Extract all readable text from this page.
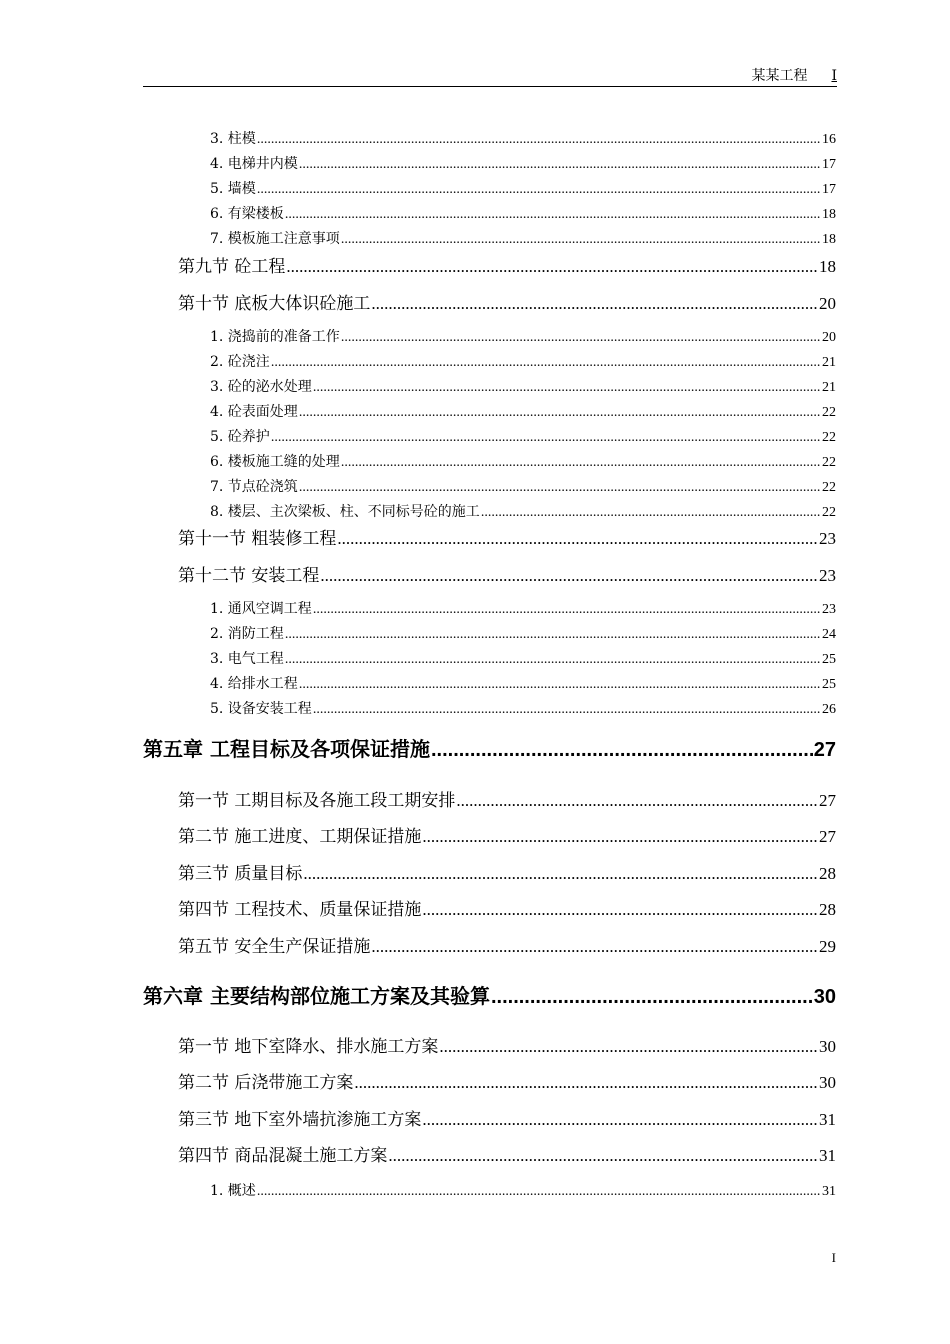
某某工程 I
3. 柱模 .....	16
4. 电梯井内模 .....	17
5. 墙模 .....	17
6. 有梁楼板 .....	18
7. 模板施工注意事项 .....	18
第九节 砼工程 .....	18
第十节 底板大体识砼施工 .....	20
1. 浇捣前的准备工作 .....	20
2. 砼浇注 .....	21
3. 砼的泌水处理 .....	21
4. 砼表面处理 .....	22
5. 砼养护 .....	22
6. 楼板施工缝的处理 .....	22
7. 节点砼浇筑 .....	22
8. 楼层、主次梁板、柱、不同标号砼的施工 .....	22
第十一节 粗装修工程 .....	23
第十二节 安装工程 .....	23
1. 通风空调工程 .....	23
2. 消防工程 .....	24
3. 电气工程 .....	25
4. 给排水工程 .....	25
5. 设备安装工程 .....	26
第五章 工程目标及各项保证措施 .....	27
第一节 工期目标及各施工段工期安排 .....	27
第二节 施工进度、工期保证措施 .....	27
第三节 质量目标 .....	28
第四节 工程技术、质量保证措施 .....	28
第五节 安全生产保证措施 .....	29
第六章 主要结构部位施工方案及其验算 .....	30
第一节 地下室降水、排水施工方案 .....	30
第二节 后浇带施工方案 .....	30
第三节 地下室外墙抗渗施工方案 .....	31
第四节 商品混凝土施工方案 .....	31
1. 概述 .....	31
I
